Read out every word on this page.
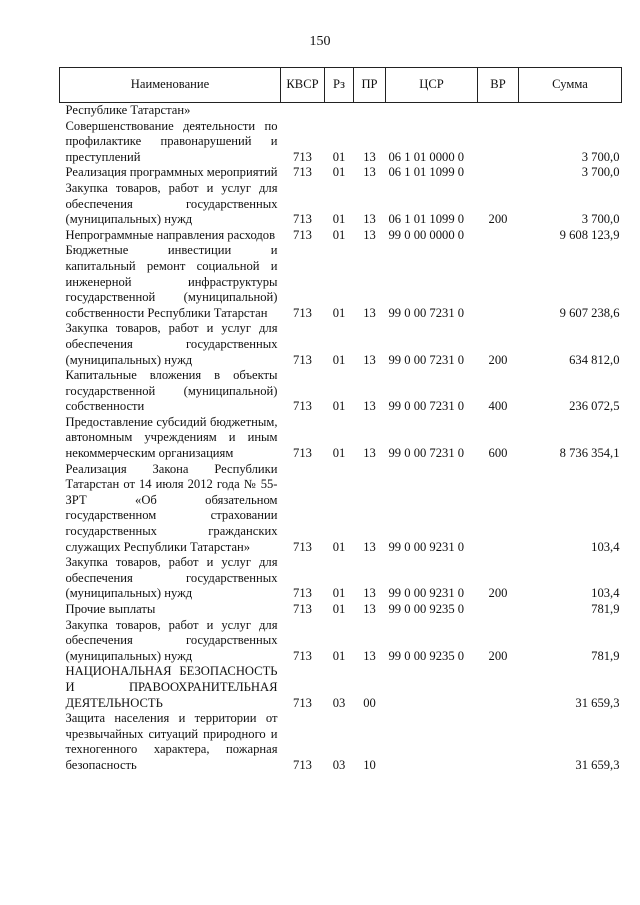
150
Наименование	КВСР	Рз	ПР	ЦСР	ВР	Сумма
Республике Татарстан»						
Совершенствование деятельности по профилактике правонарушений и преступлений	713	01	13	06 1 01 0000 0		3 700,0
Реализация программных мероприятий	713	01	13	06 1 01 1099 0		3 700,0
Закупка товаров, работ и услуг для обеспечения государственных (муниципальных) нужд	713	01	13	06 1 01 1099 0	200	3 700,0
Непрограммные направления расходов	713	01	13	99 0 00 0000 0		9 608 123,9
Бюджетные инвестиции и капитальный ремонт социальной и инженерной инфраструктуры государственной (муниципальной) собственности Республики Татарстан	713	01	13	99 0 00 7231 0		9 607 238,6
Закупка товаров, работ и услуг для обеспечения государственных (муниципальных) нужд	713	01	13	99 0 00 7231 0	200	634 812,0
Капитальные вложения в объекты государственной (муниципальной) собственности	713	01	13	99 0 00 7231 0	400	236 072,5
Предоставление субсидий бюджетным, автономным учреждениям и иным некоммерческим организациям	713	01	13	99 0 00 7231 0	600	8 736 354,1
Реализация Закона Республики Татарстан от 14 июля 2012 года № 55-ЗРТ «Об обязательном государственном страховании государственных гражданских служащих Республики Татарстан»	713	01	13	99 0 00 9231 0		103,4
Закупка товаров, работ и услуг для обеспечения государственных (муниципальных) нужд	713	01	13	99 0 00 9231 0	200	103,4
Прочие выплаты	713	01	13	99 0 00 9235 0		781,9
Закупка товаров, работ и услуг для обеспечения государственных (муниципальных) нужд	713	01	13	99 0 00 9235 0	200	781,9
НАЦИОНАЛЬНАЯ БЕЗОПАСНОСТЬ И ПРАВООХРАНИТЕЛЬНАЯ ДЕЯТЕЛЬНОСТЬ	713	03	00			31 659,3
Защита населения и территории от чрезвычайных ситуаций природного и техногенного характера, пожарная безопасность	713	03	10			31 659,3
